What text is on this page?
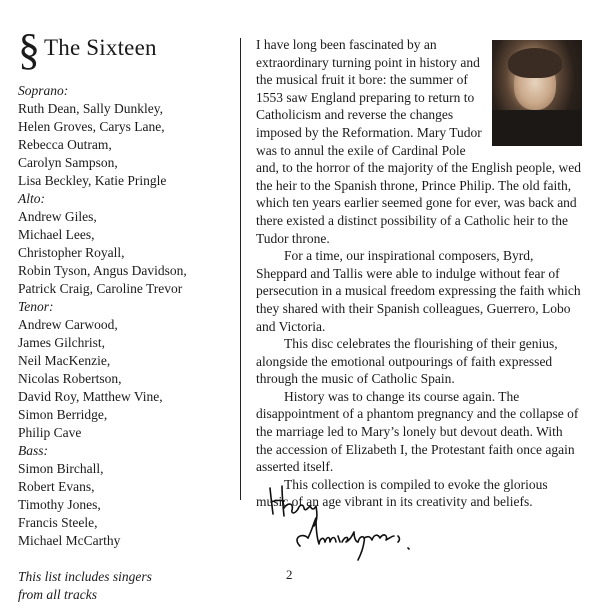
§ The Sixteen
Soprano:
Ruth Dean, Sally Dunkley,
Helen Groves, Carys Lane,
Rebecca Outram,
Carolyn Sampson,
Lisa Beckley, Katie Pringle
Alto:
Andrew Giles,
Michael Lees,
Christopher Royall,
Robin Tyson, Angus Davidson,
Patrick Craig, Caroline Trevor
Tenor:
Andrew Carwood,
James Gilchrist,
Neil MacKenzie,
Nicolas Robertson,
David Roy, Matthew Vine,
Simon Berridge,
Philip Cave
Bass:
Simon Birchall,
Robert Evans,
Timothy Jones,
Francis Steele,
Michael McCarthy
This list includes singers from all tracks

I have long been fascinated by an extraordinary turning point in history and the musical fruit it bore: the summer of 1553 saw England preparing to return to Catholicism and reverse the changes imposed by the Reformation. Mary Tudor was to annul the exile of Cardinal Pole and, to the horror of the majority of the English people, wed the heir to the Spanish throne, Prince Philip. The old faith, which ten years earlier seemed gone for ever, was back and there existed a distinct possibility of a Catholic heir to the Tudor throne.

For a time, our inspirational composers, Byrd, Sheppard and Tallis were able to indulge without fear of persecution in a musical freedom expressing the faith which they shared with their Spanish colleagues, Guerrero, Lobo and Victoria.

This disc celebrates the flourishing of their genius, alongside the emotional outpourings of faith expressed through the music of Catholic Spain.

History was to change its course again. The disappointment of a phantom pregnancy and the collapse of the marriage led to Mary’s lonely but devout death. With the accession of Elizabeth I, the Protestant faith once again asserted itself.

This collection is compiled to evoke the glorious music of an age vibrant in its creativity and beliefs.

2
